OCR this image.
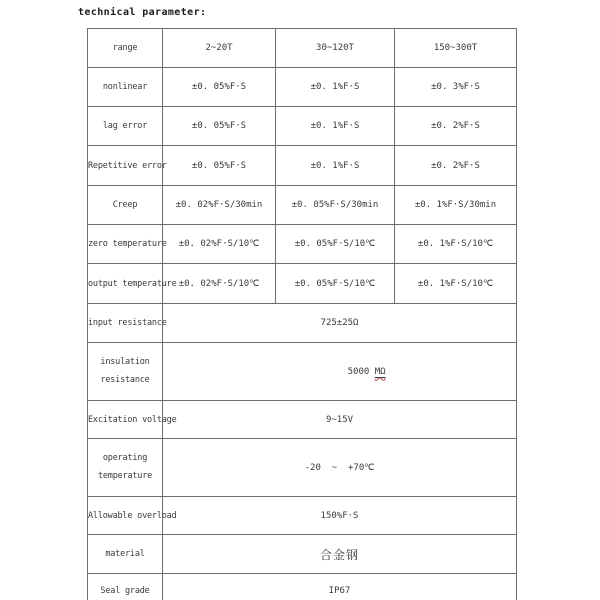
technical parameter:
range	2~20T	30~120T	150~300T
nonlinear	±0. 05%F·S	±0. 1%F·S	±0. 3%F·S
lag error	±0. 05%F·S	±0. 1%F·S	±0. 2%F·S
Repetitive error	±0. 05%F·S	±0. 1%F·S	±0. 2%F·S
Creep	±0. 02%F·S/30min	±0. 05%F·S/30min	±0. 1%F·S/30min
zero temperature	±0. 02%F·S/10℃	±0. 05%F·S/10℃	±0. 1%F·S/10℃
output temperature	±0. 02%F·S/10℃	±0. 05%F·S/10℃	±0. 1%F·S/10℃
input resistance	725±25Ω		

insulation
resistance	5000 MΩ		

Excitation voltage	9~15V		

operating
temperature	-20  ~  +70℃		
Allowable overload	150%F·S		
material	合金钢		
Seal grade	IP67		
